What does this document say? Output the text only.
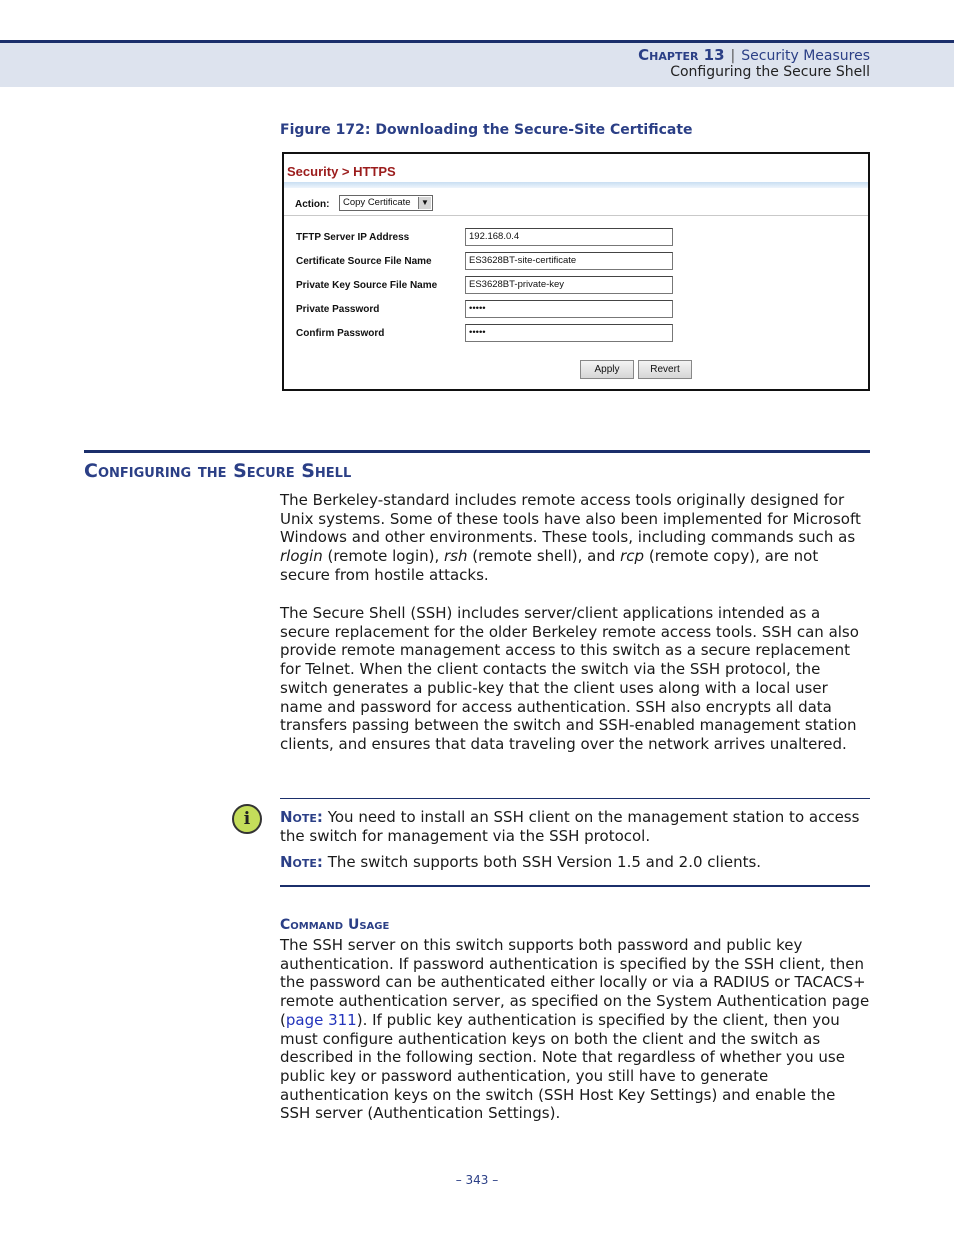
Chapter 13 | Security Measures
Configuring the Secure Shell
Figure 172: Downloading the Secure-Site Certificate
Security > HTTPS
Action:	Copy Certificate	▼
TFTP Server IP Address	192.168.0.4
Certificate Source File Name	ES3628BT-site-certificate
Private Key Source File Name	ES3628BT-private-key
Private Password	•••••
Confirm Password	•••••
Apply	Revert
Configuring the Secure Shell
The Berkeley-standard includes remote access tools originally designed for Unix systems. Some of these tools have also been implemented for Microsoft Windows and other environments. These tools, including commands such as rlogin (remote login), rsh (remote shell), and rcp (remote copy), are not secure from hostile attacks.
The Secure Shell (SSH) includes server/client applications intended as a secure replacement for the older Berkeley remote access tools. SSH can also provide remote management access to this switch as a secure replacement for Telnet. When the client contacts the switch via the SSH protocol, the switch generates a public-key that the client uses along with a local user name and password for access authentication. SSH also encrypts all data transfers passing between the switch and SSH-enabled management station clients, and ensures that data traveling over the network arrives unaltered.
i	Note: You need to install an SSH client on the management station to access the switch for management via the SSH protocol.
Note: The switch supports both SSH Version 1.5 and 2.0 clients.
Command Usage
The SSH server on this switch supports both password and public key authentication. If password authentication is specified by the SSH client, then the password can be authenticated either locally or via a RADIUS or TACACS+ remote authentication server, as specified on the System Authentication page (page 311). If public key authentication is specified by the client, then you must configure authentication keys on both the client and the switch as described in the following section. Note that regardless of whether you use public key or password authentication, you still have to generate authentication keys on the switch (SSH Host Key Settings) and enable the SSH server (Authentication Settings).
– 343 –
